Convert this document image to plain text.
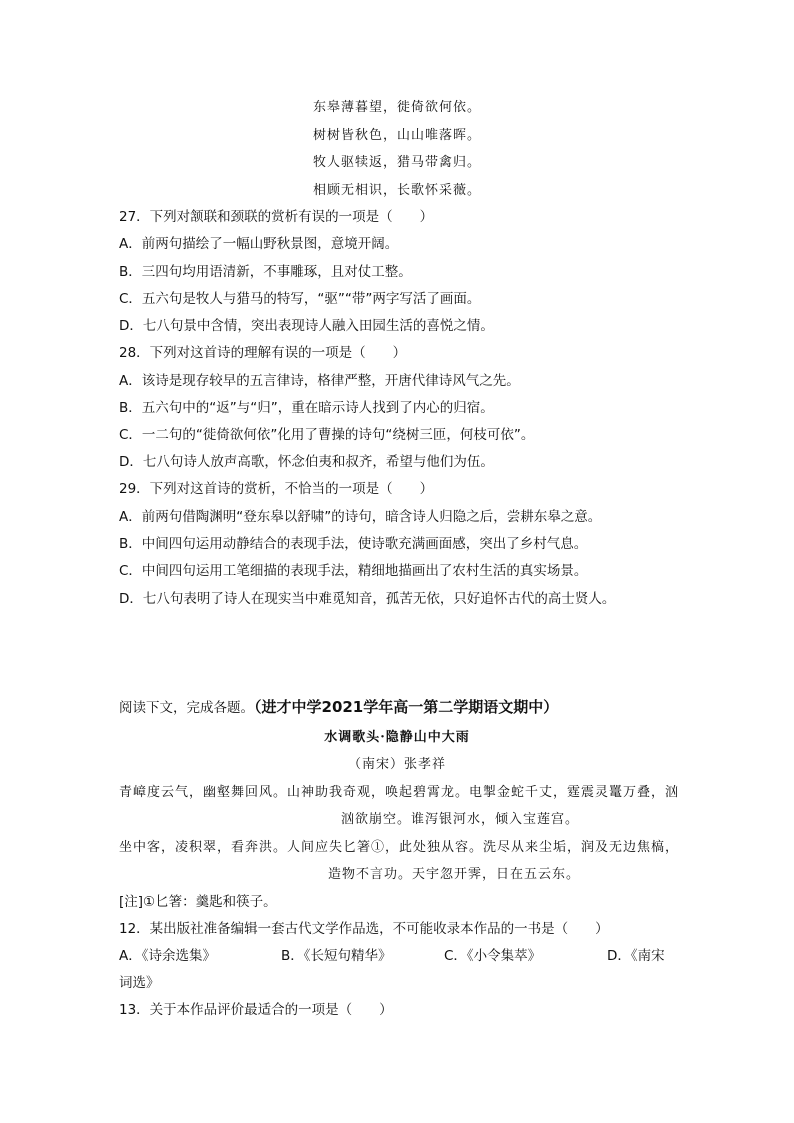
东皋薄暮望，徙倚欲何依。
树树皆秋色，山山唯落晖。
牧人驱犊返，猎马带禽归。
相顾无相识，长歌怀采薇。
27．下列对颔联和颈联的赏析有误的一项是（　　）
A．前两句描绘了一幅山野秋景图，意境开阔。
B．三四句均用语清新，不事雕琢，且对仗工整。
C．五六句是牧人与猎马的特写，“驱”“带”两字写活了画面。
D．七八句景中含情，突出表现诗人融入田园生活的喜悦之情。
28．下列对这首诗的理解有误的一项是（　　）
A．该诗是现存较早的五言律诗，格律严整，开唐代律诗风气之先。
B．五六句中的“返”与“归”，重在暗示诗人找到了内心的归宿。
C．一二句的“徙倚欲何依”化用了曹操的诗句“绕树三匝，何枝可依”。
D．七八句诗人放声高歌，怀念伯夷和叔齐，希望与他们为伍。
29．下列对这首诗的赏析，不恰当的一项是（　　）
A．前两句借陶渊明“登东皋以舒啸”的诗句，暗含诗人归隐之后，尝耕东皋之意。
B．中间四句运用动静结合的表现手法，使诗歌充满画面感，突出了乡村气息。
C．中间四句运用工笔细描的表现手法，精细地描画出了农村生活的真实场景。
D．七八句表明了诗人在现实当中难觅知音，孤苦无依，只好追怀古代的高士贤人。
阅读下文，完成各题。（进才中学2021学年高一第二学期语文期中）
水调歌头·隐静山中大雨
（南宋）张孝祥
青嶂度云气，幽壑舞回风。山神助我奇观，唤起碧霄龙。电掣金蛇千丈，霆震灵鼍万叠，汹
汹欲崩空。谁泻银河水，倾入宝莲宫。
坐中客，凌积翠，看奔洪。人间应失匕箸①，此处独从容。洗尽从来尘垢，润及无边焦槁，
造物不言功。天宇忽开霁，日在五云东。
[注]①匕箸：羹匙和筷子。
12．某出版社准备编辑一套古代文学作品选，不可能收录本作品的一书是（　　）
A．《诗余选集》	B．《长短句精华》	C．《小令集萃》	D．《南宋
词选》
13．关于本作品评价最适合的一项是（　　）
